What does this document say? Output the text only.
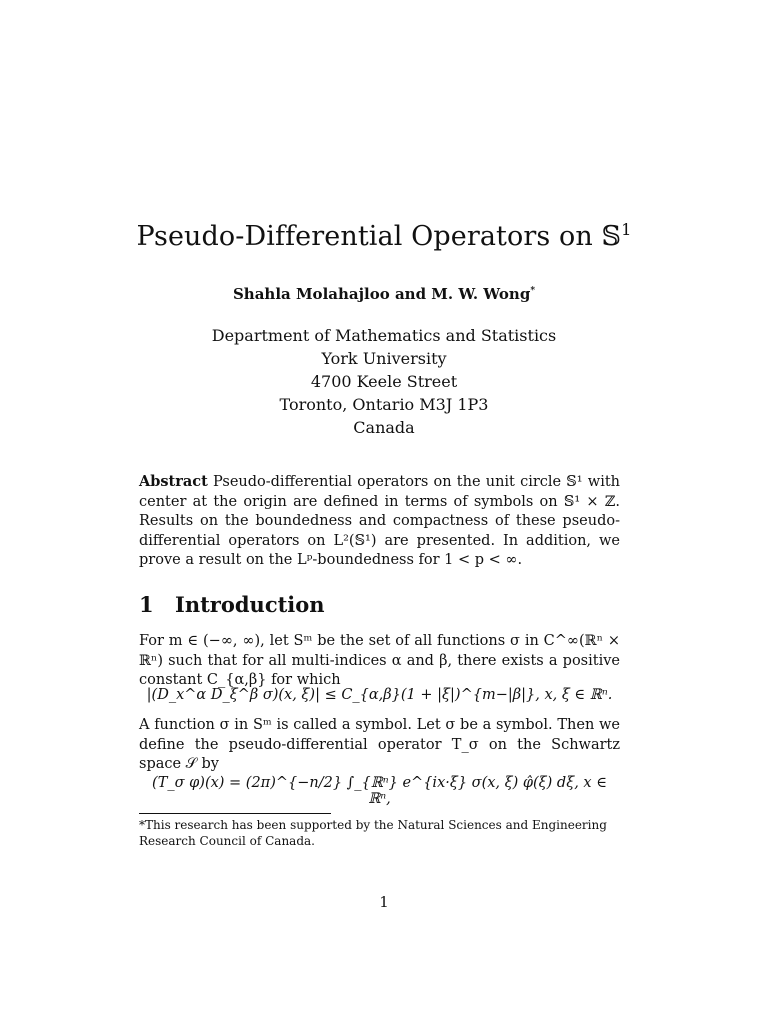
Pseudo-Differential Operators on 𝕊$^1$
Shahla Molahajloo and M. W. Wong*
Department of Mathematics and Statistics
York University
4700 Keele Street
Toronto, Ontario M3J 1P3
Canada
Abstract Pseudo-differential operators on the unit circle 𝕊¹ with center at the origin are defined in terms of symbols on 𝕊¹ × ℤ. Results on the boundedness and compactness of these pseudo-differential operators on L²(𝕊¹) are presented. In addition, we prove a result on the Lᵖ-boundedness for 1 < p < ∞.
1 Introduction
For m ∈ (−∞, ∞), let Sᵐ be the set of all functions σ in C^∞(ℝⁿ × ℝⁿ) such that for all multi-indices α and β, there exists a positive constant C_{α,β} for which
|(D_x^α D_ξ^β σ)(x, ξ)| ≤ C_{α,β}(1 + |ξ|)^{m−|β|}, x, ξ ∈ ℝⁿ.
A function σ in Sᵐ is called a symbol. Let σ be a symbol. Then we define the pseudo-differential operator T_σ on the Schwartz space 𝒮 by
(T_σ φ)(x) = (2π)^{−n/2} ∫_{ℝⁿ} e^{ix·ξ} σ(x, ξ) φ̂(ξ) dξ, x ∈ ℝⁿ,
*This research has been supported by the Natural Sciences and Engineering Research Council of Canada.
1
